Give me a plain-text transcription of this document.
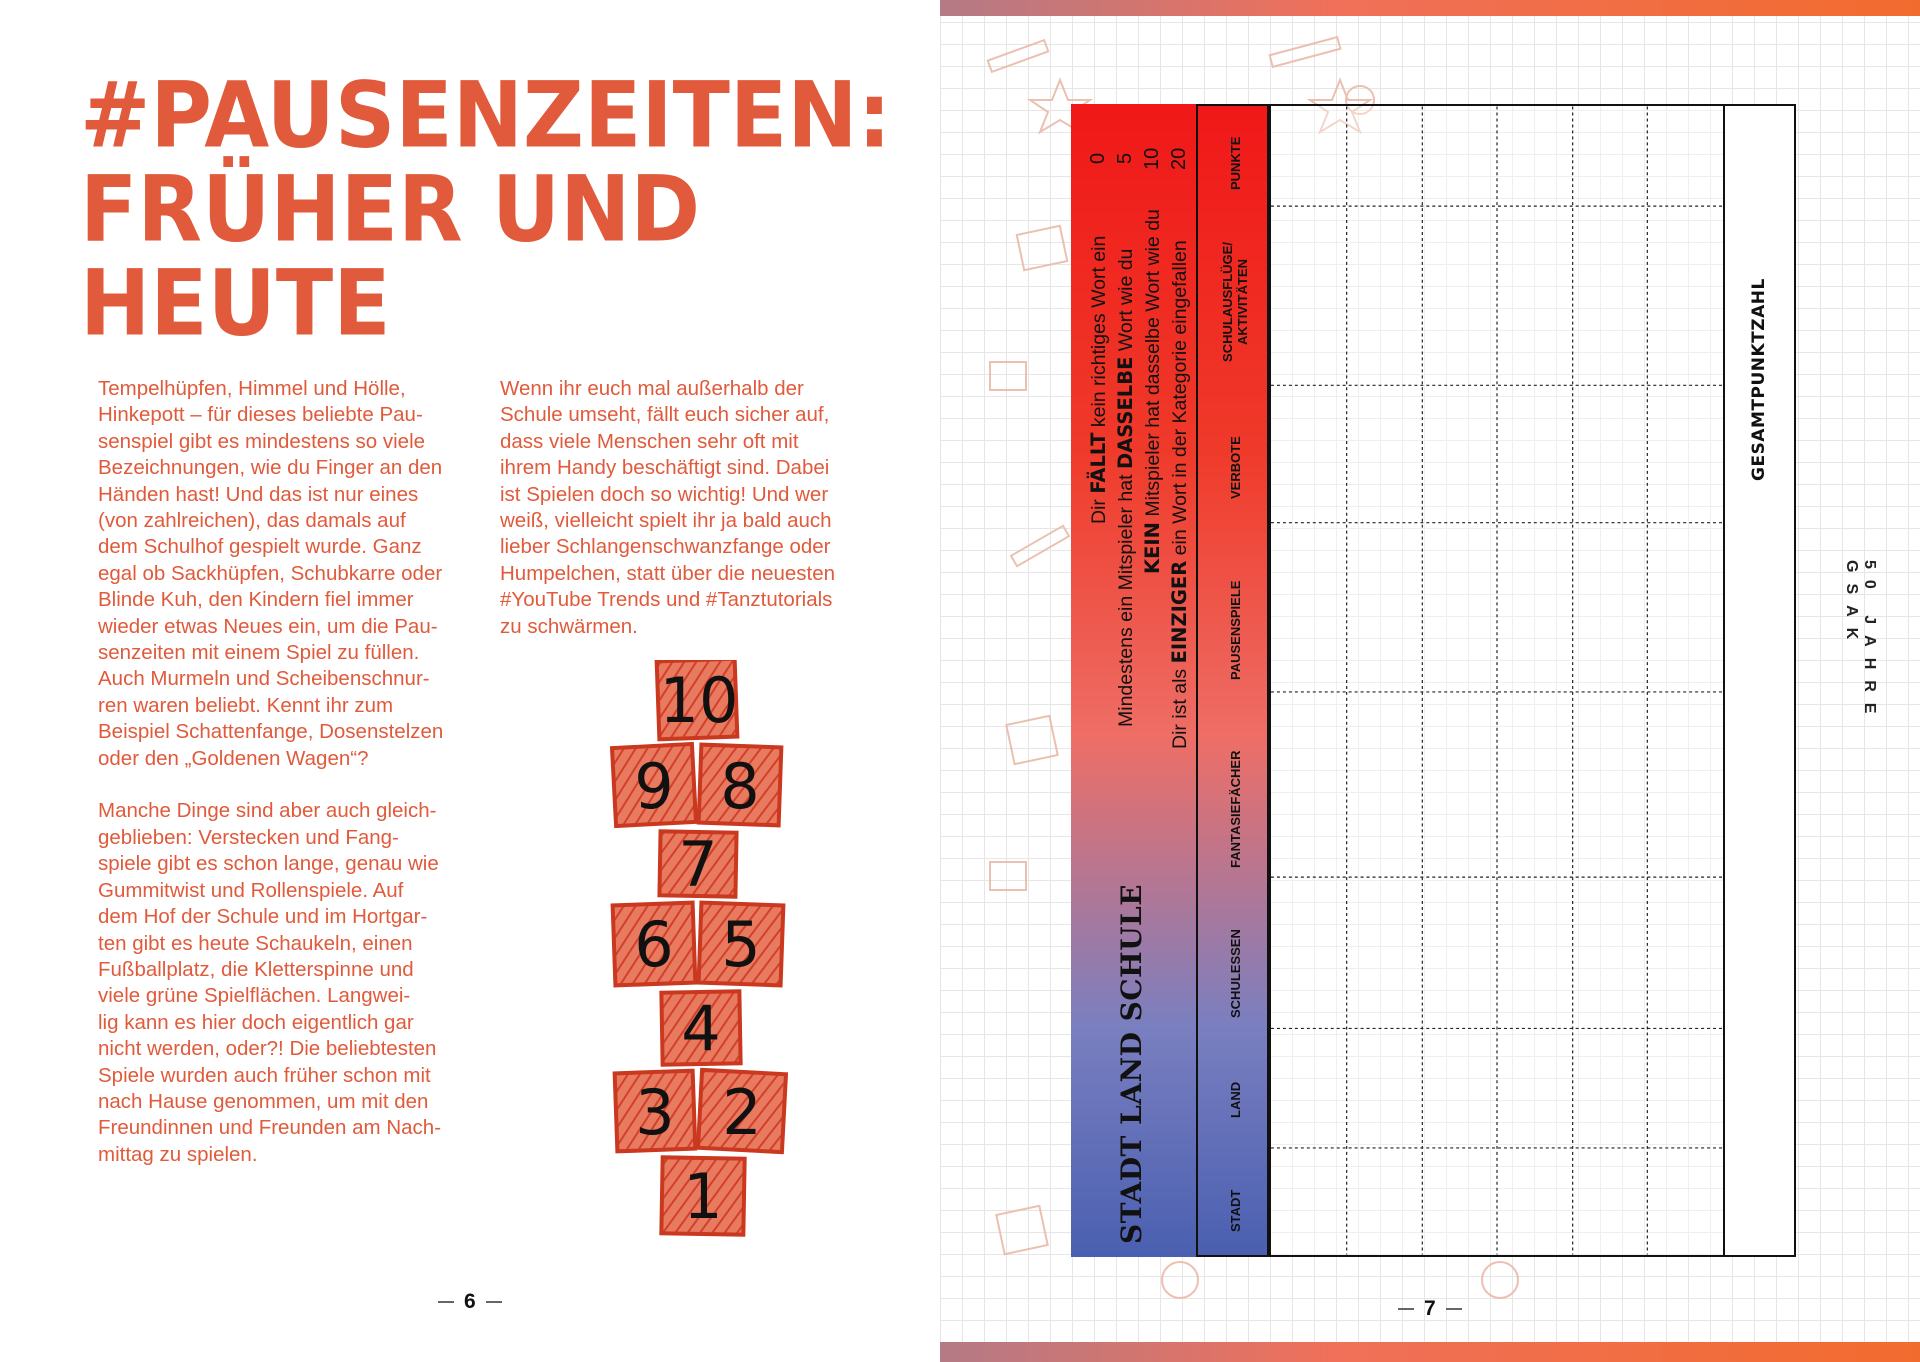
#PAUSENZEITEN:
FRÜHER UND
HEUTE

Tempelhüpfen, Himmel und Hölle,
Hinkepott – für dieses beliebte Pau-
senspiel gibt es mindestens so viele
Bezeichnungen, wie du Finger an den
Händen hast! Und das ist nur eines
(von zahlreichen), das damals auf
dem Schulhof gespielt wurde. Ganz
egal ob Sackhüpfen, Schubkarre oder
Blinde Kuh, den Kindern fiel immer
wieder etwas Neues ein, um die Pau-
senzeiten mit einem Spiel zu füllen.
Auch Murmeln und Scheibenschnur-
ren waren beliebt. Kennt ihr zum
Beispiel Schattenfange, Dosenstelzen
oder den „Goldenen Wagen“?

Manche Dinge sind aber auch gleich-
geblieben: Verstecken und Fang-
spiele gibt es schon lange, genau wie
Gummitwist und Rollenspiele. Auf
dem Hof der Schule und im Hortgar-
ten gibt es heute Schaukeln, einen
Fußballplatz, die Kletterspinne und
viele grüne Spielflächen. Langwei-
lig kann es hier doch eigentlich gar
nicht werden, oder?! Die beliebtesten
Spiele wurden auch früher schon mit
nach Hause genommen, um mit den
Freundinnen und Freunden am Nach-
mittag zu spielen.

Wenn ihr euch mal außerhalb der
Schule umseht, fällt euch sicher auf,
dass viele Menschen sehr oft mit
ihrem Handy beschäftigt sind. Dabei
ist Spielen doch so wichtig! Und wer
weiß, vielleicht spielt ihr ja bald auch
lieber Schlangenschwanzfange oder
Humpelchen, statt über die neuesten
#YouTube Trends und #Tanztutorials
zu schwärmen.

10
9 8
7
6 5
4
3 2
1
6
50 JAHRE GSAK
STADT LAND SCHULE
Dir FÄLLT kein richtiges Wort ein
Mindestens ein Mitspieler hat DASSELBE Wort wie du
KEIN Mitspieler hat dasselbe Wort wie du
Dir ist als EINZIGER ein Wort in der Kategorie eingefallen
0 5 10 20
STADT
LAND
SCHULESSEN
FANTASIEFÄCHER
PAUSENSPIELE
VERBOTE
SCHULAUSFLÜGE/ AKTIVITÄTEN
PUNKTE
GESAMTPUNKTZAHL
7
